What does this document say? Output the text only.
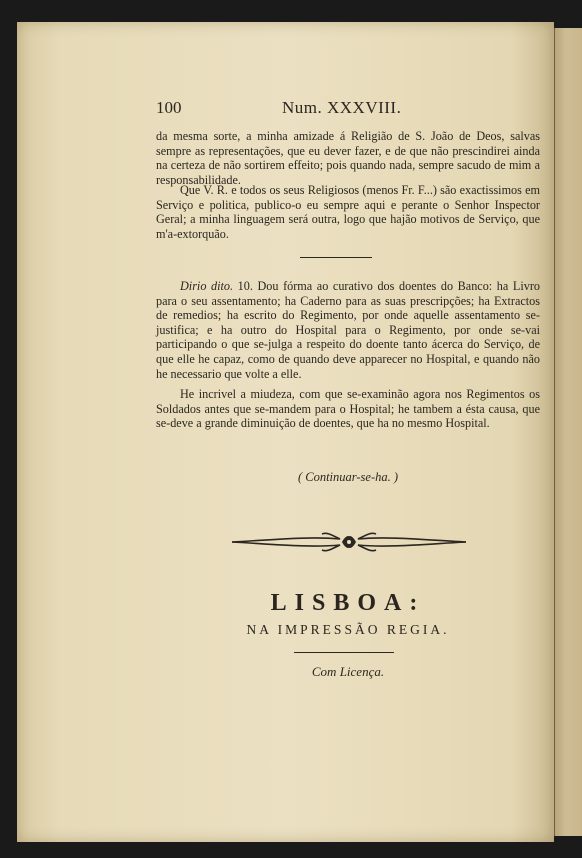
100	Num. XXXVIII.

da mesma sorte, a minha amizade á Religião de S. João de Deos, salvas sempre as representações, que eu dever fazer, e de que não prescindirei ainda na certeza de não sortirem effeito; pois quando nada, sempre sacudo de mim a responsabilidade.

Que V. R. e todos os seus Religiosos (menos Fr. F...) são exactissimos em Serviço e politica, publico-o eu sempre aqui e perante o Senhor Inspector Geral; a minha linguagem será outra, logo que hajão motivos de Serviço, que m'a-extorquão.

Dirio dito. 10. Dou fórma ao curativo dos doentes do Banco: ha Livro para o seu assentamento; ha Caderno para as suas prescripções; ha Extractos de remedios; ha escrito do Regimento, por onde aquelle assentamento se-justifica; e ha outro do Hospital para o Regimento, por onde se-vai participando o que se-julga a respeito do doente tanto ácerca do Serviço, de que elle he capaz, como de quando deve apparecer no Hospital, e quando não he necessario que volte a elle.

He incrivel a miudeza, com que se-examinão agora nos Regimentos os Soldados antes que se-mandem para o Hospital; he tambem a ésta causa, que se-deve a grande diminuição de doentes, que ha no mesmo Hospital.

( Continuar-se-ha. )
LISBOA:
NA IMPRESSÃO REGIA.
Com Licença.
